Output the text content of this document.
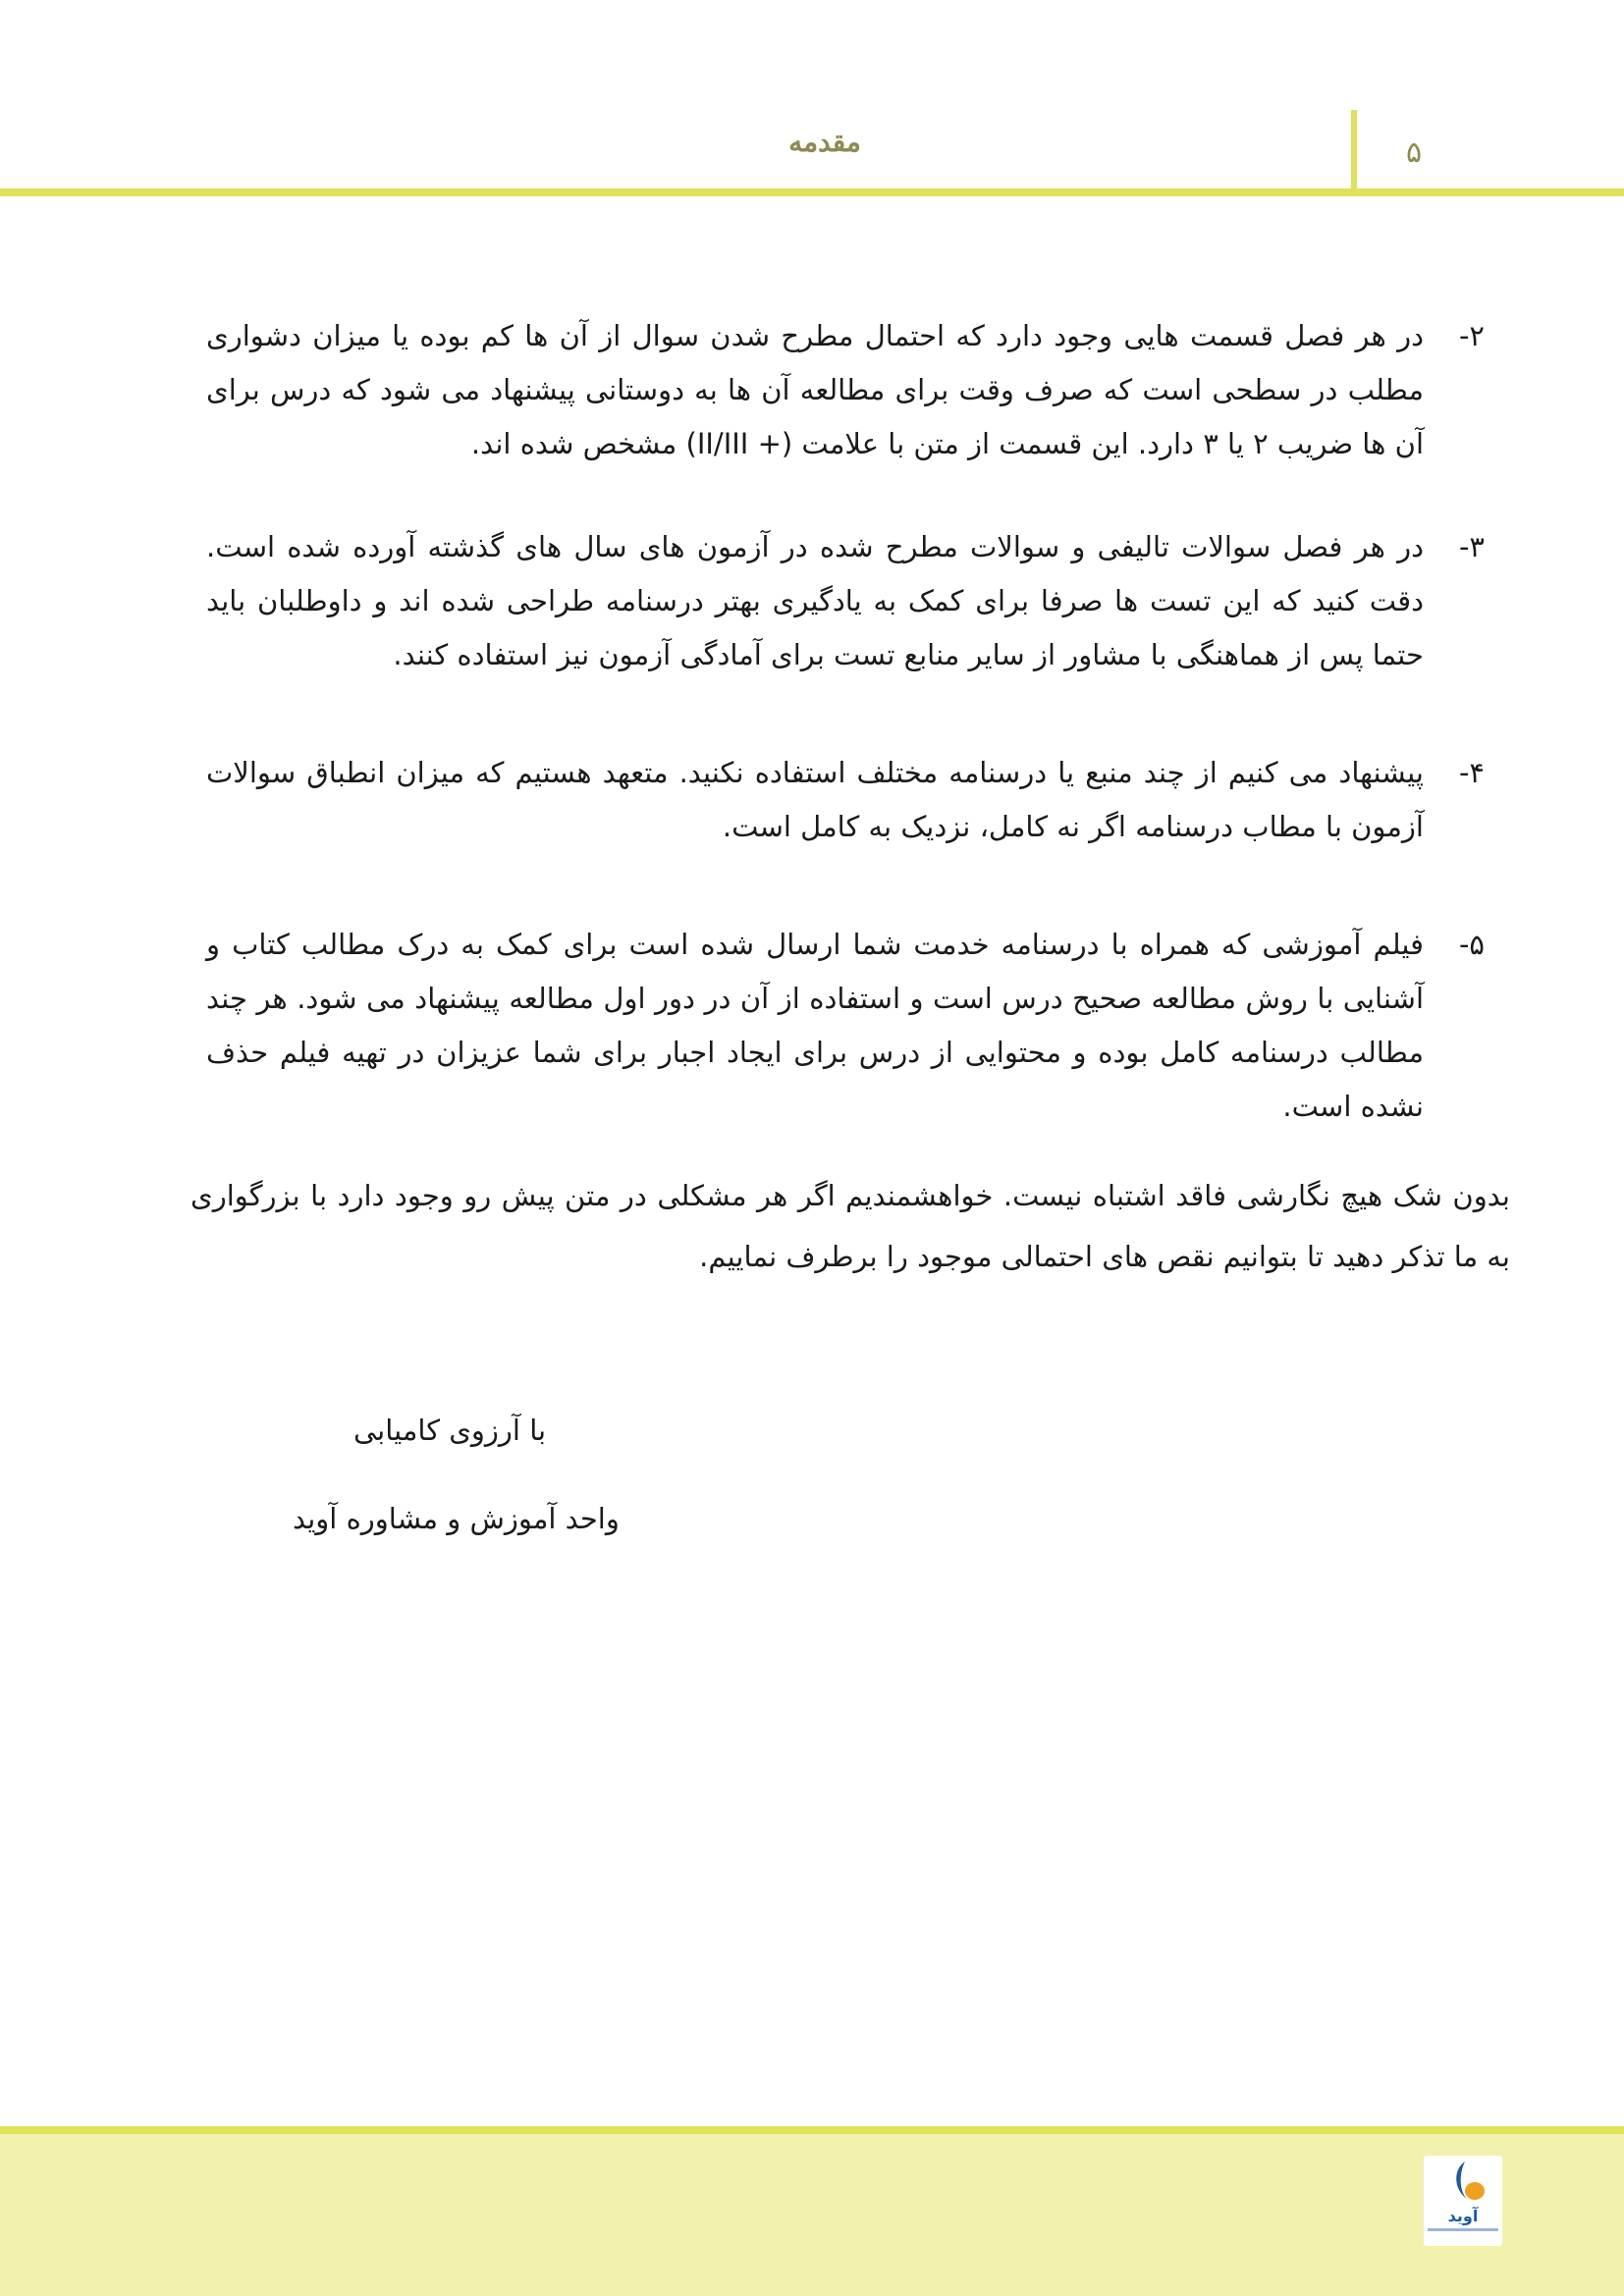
مقدمه	۵
۲-
در هر فصل قسمت هایی وجود دارد که احتمال مطرح شدن سوال از آن ها کم بوده یا میزان دشواری مطلب در سطحی است که صرف وقت برای مطالعه آن ها به دوستانی پیشنهاد می شود که درس برای آن ها ضریب ۲ یا ۳ دارد. این قسمت از متن با علامت (+ II/III) مشخص شده اند.
۳-
در هر فصل سوالات تالیفی و سوالات مطرح شده در آزمون های سال های گذشته آورده شده است. دقت کنید که این تست ها صرفا برای کمک به یادگیری بهتر درسنامه طراحی شده اند و داوطلبان باید حتما پس از هماهنگی با مشاور از سایر منابع تست برای آمادگی آزمون نیز استفاده کنند.
۴-
پیشنهاد می کنیم از چند منبع یا درسنامه مختلف استفاده نکنید. متعهد هستیم که میزان انطباق سوالات آزمون با مطاب درسنامه اگر نه کامل، نزدیک به کامل است.
۵-
فیلم آموزشی که همراه با درسنامه خدمت شما ارسال شده است برای کمک به درک مطالب کتاب و آشنایی با روش مطالعه صحیح درس است و استفاده از آن در دور اول مطالعه پیشنهاد می شود. هر چند مطالب درسنامه کامل بوده و محتوایی از درس برای ایجاد اجبار برای شما عزیزان در تهیه فیلم حذف نشده است.
بدون شک هیچ نگارشی فاقد اشتباه نیست. خواهشمندیم اگر هر مشکلی در متن پیش رو وجود دارد با بزرگواری به ما تذکر دهید تا بتوانیم نقص های احتمالی موجود را برطرف نماییم.
با آرزوی کامیابی
واحد آموزش و مشاوره آوید
آوید
